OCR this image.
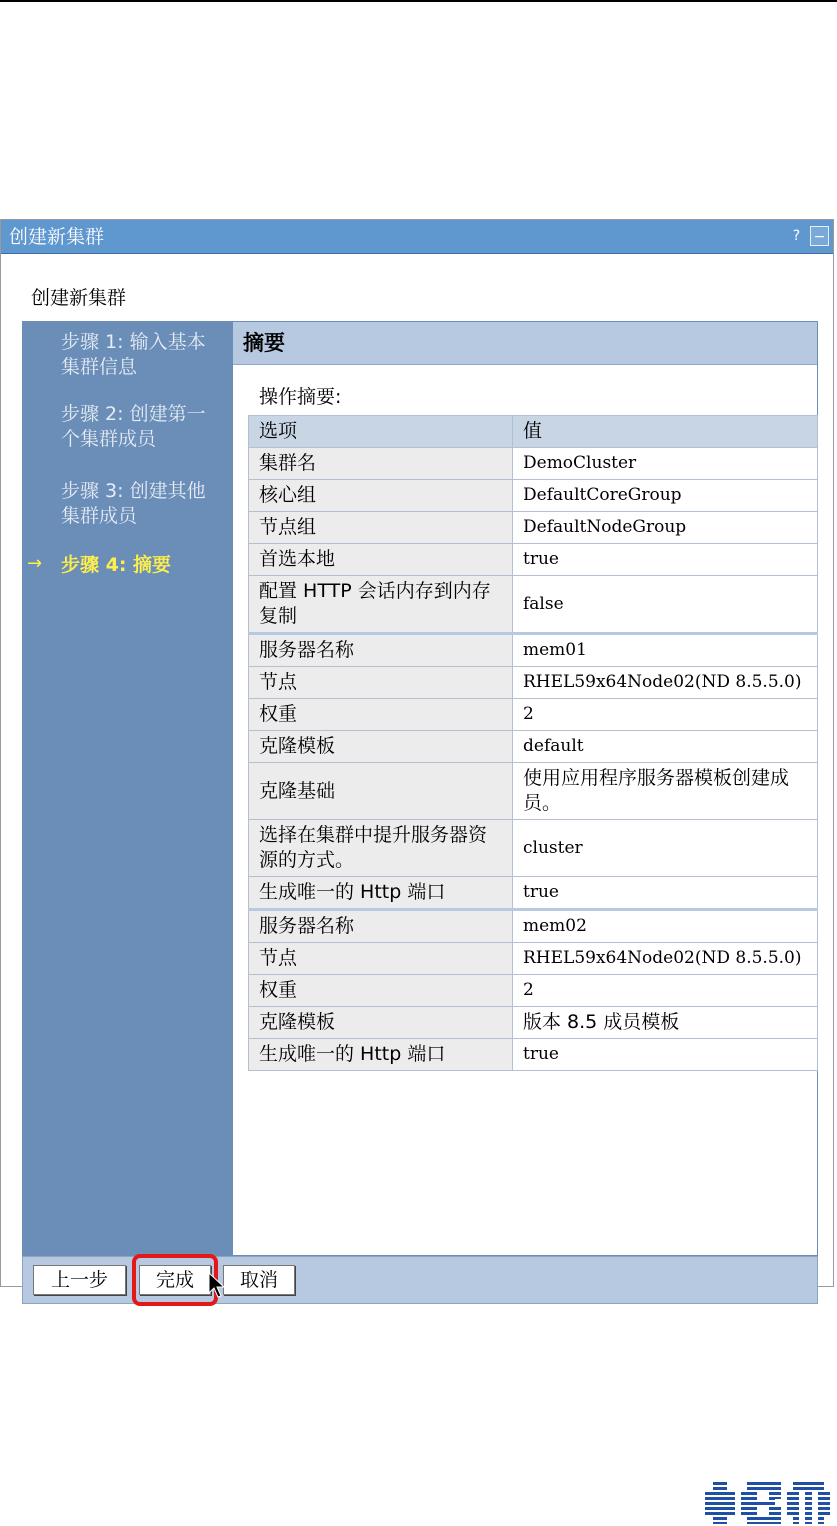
创建新集群	? −
创建新集群
步骤 1: 输入基本集群信息
步骤 2: 创建第一个集群成员
步骤 3: 创建其他集群成员
→ 步骤 4: 摘要
摘要
操作摘要:
选项	值
集群名	DemoCluster
核心组	DefaultCoreGroup
节点组	DefaultNodeGroup
首选本地	true
配置 HTTP 会话内存到内存复制	false
服务器名称	mem01
节点	RHEL59x64Node02(ND 8.5.5.0)
权重	2
克隆模板	default
克隆基础	使用应用程序服务器模板创建成员。
选择在集群中提升服务器资源的方式。	cluster
生成唯一的 Http 端口	true
服务器名称	mem02
节点	RHEL59x64Node02(ND 8.5.5.0)
权重	2
克隆模板	版本 8.5 成员模板
生成唯一的 Http 端口	true
上一步	完成	取消
